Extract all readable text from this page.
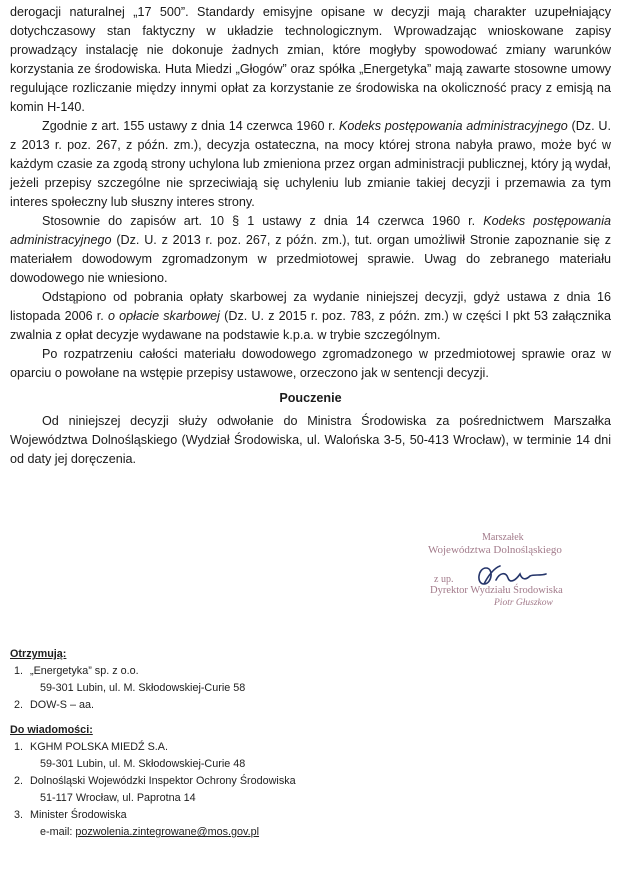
derogacji naturalnej „17 500”. Standardy emisyjne opisane w decyzji mają charakter uzupełniający dotychczasowy stan faktyczny w układzie technologicznym. Wprowadzając wnioskowane zapisy prowadzący instalację nie dokonuje żadnych zmian, które mogłyby spowodować zmiany warunków korzystania ze środowiska. Huta Miedzi „Głogów” oraz spółka „Energetyka” mają zawarte stosowne umowy regulujące rozliczanie między innymi opłat za korzystanie ze środowiska na okoliczność pracy z emisją na komin H-140.

Zgodnie z art. 155 ustawy z dnia 14 czerwca 1960 r. Kodeks postępowania administracyjnego (Dz. U. z 2013 r. poz. 267, z późn. zm.), decyzja ostateczna, na mocy której strona nabyła prawo, może być w każdym czasie za zgodą strony uchylona lub zmieniona przez organ administracji publicznej, który ją wydał, jeżeli przepisy szczególne nie sprzeciwiają się uchyleniu lub zmianie takiej decyzji i przemawia za tym interes społeczny lub słuszny interes strony.

Stosownie do zapisów art. 10 § 1 ustawy z dnia 14 czerwca 1960 r. Kodeks postępowania administracyjnego (Dz. U. z 2013 r. poz. 267, z późn. zm.), tut. organ umożliwił Stronie zapoznanie się z materiałem dowodowym zgromadzonym w przedmiotowej sprawie. Uwag do zebranego materiału dowodowego nie wniesiono.

Odstąpiono od pobrania opłaty skarbowej za wydanie niniejszej decyzji, gdyż ustawa z dnia 16 listopada 2006 r. o opłacie skarbowej (Dz. U. z 2015 r. poz. 783, z późn. zm.) w części I pkt 53 załącznika zwalnia z opłat decyzje wydawane na podstawie k.p.a. w trybie szczególnym.

Po rozpatrzeniu całości materiału dowodowego zgromadzonego w przedmiotowej sprawie oraz w oparciu o powołane na wstępie przepisy ustawowe, orzeczono jak w sentencji decyzji.

Pouczenie

Od niniejszej decyzji służy odwołanie do Ministra Środowiska za pośrednictwem Marszałka Województwa Dolnośląskiego (Wydział Środowiska, ul. Walońska 3-5, 50-413 Wrocław), w terminie 14 dni od daty jej doręczenia.

Marszałek
Województwa Dolnośląskiego
z up.
Dyrektor Wydziału Środowiska
Piotr Głuszkow
Otrzymują:
1. „Energetyka” sp. z o.o.
59-301 Lubin, ul. M. Skłodowskiej-Curie 58
2. DOW-S – aa.
Do wiadomości:
1. KGHM POLSKA MIEDŹ S.A.
59-301 Lubin, ul. M. Skłodowskiej-Curie 48
2. Dolnośląski Wojewódzki Inspektor Ochrony Środowiska
51-117 Wrocław, ul. Paprotna 14
3. Minister Środowiska
e-mail: pozwolenia.zintegrowane@mos.gov.pl
